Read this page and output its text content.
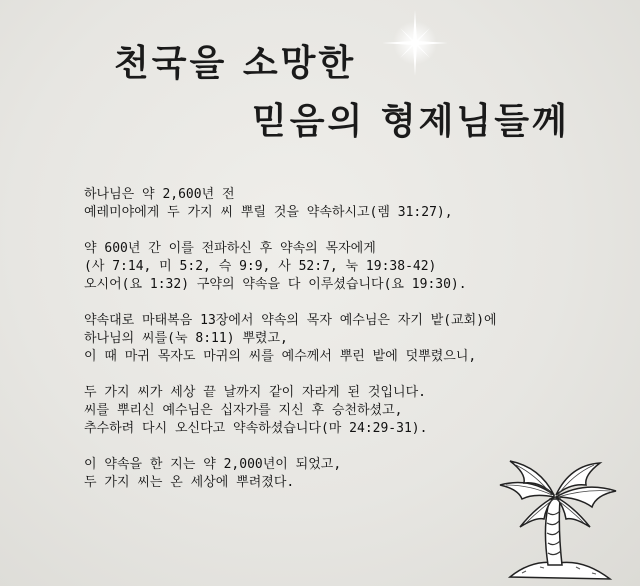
천국을 소망한
믿음의 형제님들께

하나님은 약 2,600년 전
예레미야에게 두 가지 씨 뿌릴 것을 약속하시고(렘 31:27),

약 600년 간 이를 전파하신 후 약속의 목자에게
(사 7:14, 미 5:2, 슥 9:9, 사 52:7, 눅 19:38-42)
오시어(요 1:32) 구약의 약속을 다 이루셨습니다(요 19:30).

약속대로 마태복음 13장에서 약속의 목자 예수님은 자기 밭(교회)에
하나님의 씨를(눅 8:11) 뿌렸고,
이 때 마귀 목자도 마귀의 씨를 예수께서 뿌린 밭에 덧뿌렸으니,

두 가지 씨가 세상 끝 날까지 같이 자라게 된 것입니다.
씨를 뿌리신 예수님은 십자가를 지신 후 승천하셨고,
추수하려 다시 오신다고 약속하셨습니다(마 24:29-31).

이 약속을 한 지는 약 2,000년이 되었고,
두 가지 씨는 온 세상에 뿌려졌다.
